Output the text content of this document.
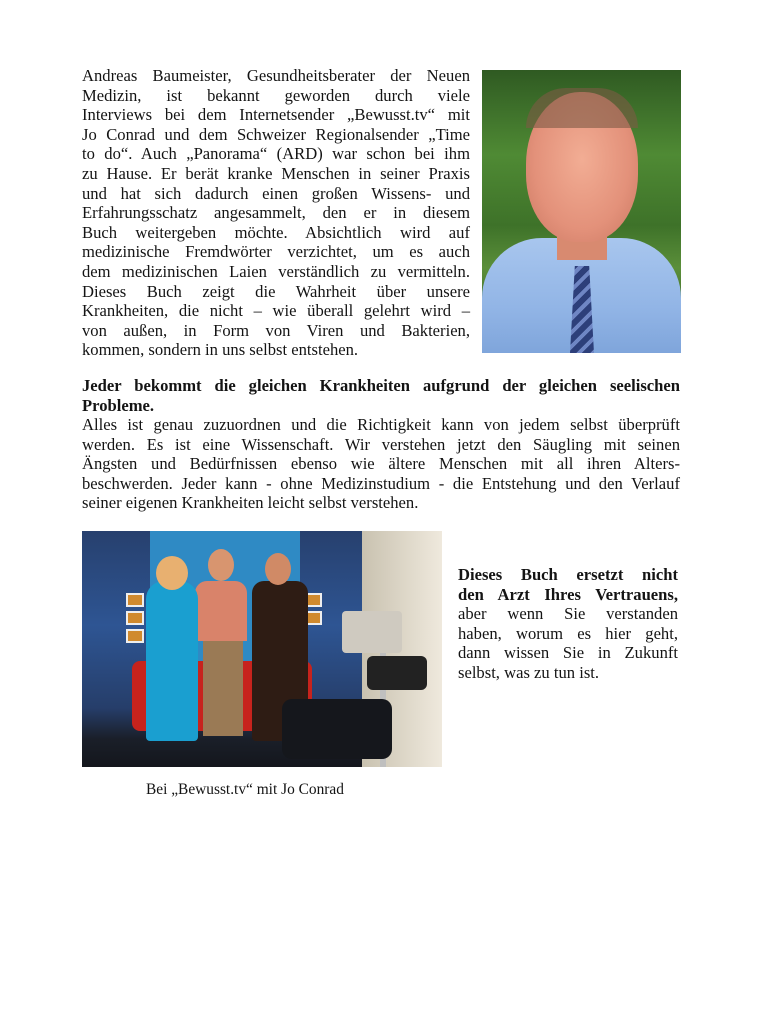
Andreas Baumeister, Gesundheitsberater der Neuen
Medizin, ist bekannt geworden durch viele
Interviews bei dem Internetsender „Bewusst.tv“ mit
Jo Conrad und dem Schweizer Regionalsender „Time
to do“. Auch „Panorama“ (ARD) war schon bei ihm
zu Hause. Er berät kranke Menschen in seiner Praxis
und hat sich dadurch einen großen Wissens- und
Erfahrungsschatz angesammelt, den er in diesem
Buch weitergeben möchte. Absichtlich wird auf
medizinische Fremdwörter verzichtet, um es auch
dem medizinischen Laien verständlich zu vermitteln.
Dieses Buch zeigt die Wahrheit über unsere
Krankheiten, die nicht – wie überall gelehrt wird –
von außen, in Form von Viren und Bakterien,
kommen, sondern in uns selbst entstehen.
Jeder bekommt die gleichen Krankheiten aufgrund der gleichen seelischen
Probleme.
Alles ist genau zuzuordnen und die Richtigkeit kann von jedem selbst überprüft
werden. Es ist eine Wissenschaft. Wir verstehen jetzt den Säugling mit seinen
Ängsten und Bedürfnissen ebenso wie ältere Menschen mit all ihren Alters-
beschwerden. Jeder kann - ohne Medizinstudium - die Entstehung und den Verlauf
seiner eigenen Krankheiten leicht selbst verstehen.
Dieses Buch ersetzt nicht
den Arzt Ihres Vertrauens,
aber wenn Sie verstanden
haben, worum es hier geht,
dann wissen Sie in Zukunft
selbst, was zu tun ist.
Bei „Bewusst.tv“ mit Jo Conrad
